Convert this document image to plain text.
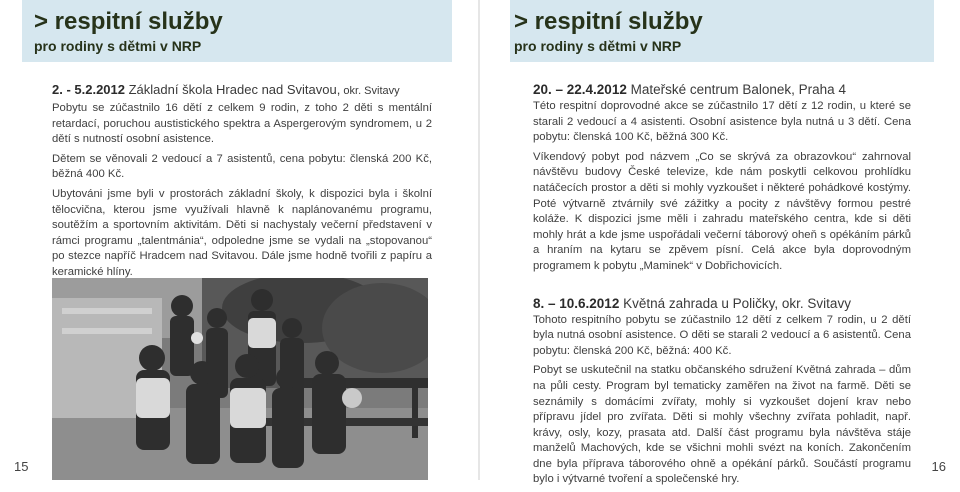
> respitní služby
pro rodiny s dětmi v NRP
2. - 5.2.2012 Základní škola Hradec nad Svitavou, okr. Svitavy

Pobytu se zúčastnilo 16 dětí z celkem 9 rodin, z toho 2 děti s mentální retardací, poruchou austistického spektra a Aspergerovým syndromem, u 2 dětí s nutností osobní asistence.

Dětem se věnovali 2 vedoucí a 7 asistentů, cena pobytu: členská 200 Kč, běžná 400 Kč.

Ubytováni jsme byli v prostorách základní školy, k dispozici byla i školní tělocvična, kterou jsme využívali hlavně k naplánovanému programu, soutěžím a sportovním aktivitám. Děti si nachystaly večerní představení v rámci programu „talentmánia“, odpoledne jsme se vydali na „stopovanou“ po stezce napříč Hradcem nad Svitavou. Dále jsme hodně tvořili z papíru a keramické hlíny.

15
> respitní služby
pro rodiny s dětmi v NRP
16
20. – 22.4.2012 Mateřské centrum Balonek, Praha 4

Této respitní doprovodné akce se zúčastnilo 17 dětí z 12 rodin, u které se starali 2 vedoucí a 4 asistenti. Osobní asistence byla nutná u 3 dětí. Cena pobytu: členská 100 Kč, běžná 300 Kč.

Víkendový pobyt pod názvem „Co se skrývá za obrazovkou“ zahrnoval návštěvu budovy České televize, kde nám poskytli celkovou prohlídku natáčecích prostor a děti si mohly vyzkoušet i některé pohádkové kostýmy. Poté výtvarně ztvárnily své zážitky a pocity z návštěvy formou pestré koláže. K dispozici jsme měli i zahradu mateřského centra, kde si děti mohly hrát a kde jsme uspořádali večerní táborový oheň s opékáním párků a hraním na kytaru se zpěvem písní. Celá akce byla doprovodným programem k pobytu „Maminek“ v Dobřichovicích.

8. – 10.6.2012 Květná zahrada u Poličky, okr. Svitavy

Tohoto respitního pobytu se zúčastnilo 12 dětí z celkem 7 rodin, u 2 dětí byla nutná osobní asistence. O děti se starali 2 vedoucí a 6 asistentů. Cena pobytu: členská 200 Kč, běžná: 400 Kč.

Pobyt se uskutečnil na statku občanského sdružení Květná zahrada – dům na půli cesty. Program byl tematicky zaměřen na život na farmě. Děti se seznámily s domácími zvířaty, mohly si vyzkoušet dojení krav nebo přípravu jídel pro zvířata. Děti si mohly všechny zvířata pohladit, např. krávy, osly, kozy, prasata atd. Další část programu byla návštěva stáje manželů Machových, kde se všichni mohli svézt na koních. Zakončením dne byla příprava táborového ohně a opékání párků. Součástí programu bylo i výtvarné tvoření a společenské hry.
